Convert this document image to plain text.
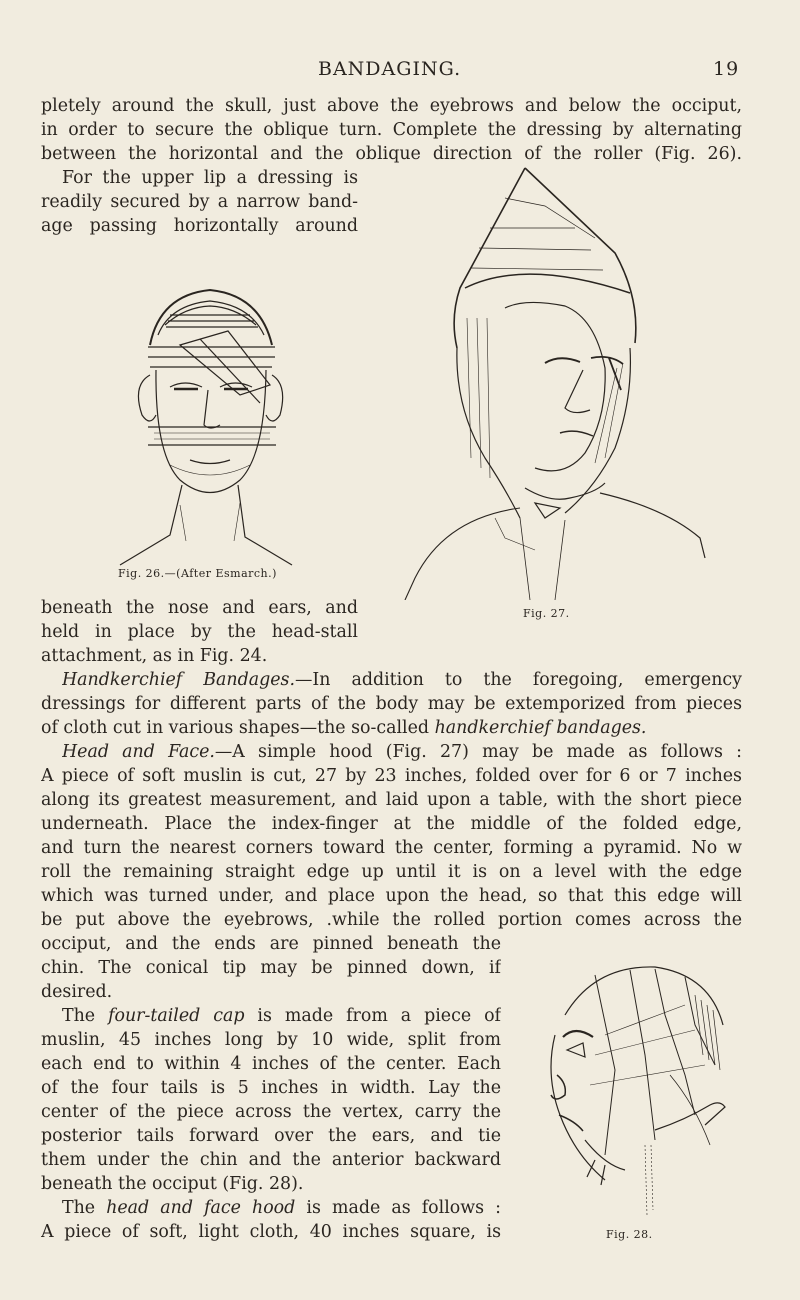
BANDAGING.	19
pletely around the skull, just above the eyebrows and below the occiput,
in order to secure the oblique turn. Complete the dressing by alternating
between the horizontal and the oblique direction of the roller (Fig. 26).
For the upper lip a dressing is
readily secured by a narrow band-
age passing horizontally around
Fig. 26.—(After Esmarch.)
Fig. 27.
beneath the nose and ears, and
held in place by the head-stall
attachment, as in Fig. 24.
Handkerchief Bandages.—In addition to the foregoing, emergency
dressings for different parts of the body may be extemporized from pieces
of cloth cut in various shapes—the so-called handkerchief bandages.
Head and Face.—A simple hood (Fig. 27) may be made as follows :
A piece of soft muslin is cut, 27 by 23 inches, folded over for 6 or 7 inches
along its greatest measurement, and laid upon a table, with the short piece
underneath. Place the index-finger at the middle of the folded edge,
and turn the nearest corners toward the center, forming a pyramid. No w
roll the remaining straight edge up until it is on a level with the edge
which was turned under, and place upon the head, so that this edge will
be put above the eyebrows, .while the rolled portion comes across the
occiput, and the ends are pinned beneath the
chin. The conical tip may be pinned down, if
desired.
The four-tailed cap is made from a piece of
muslin, 45 inches long by 10 wide, split from
each end to within 4 inches of the center. Each
of the four tails is 5 inches in width. Lay the
center of the piece across the vertex, carry the
posterior tails forward over the ears, and tie
them under the chin and the anterior backward
beneath the occiput (Fig. 28).
The head and face hood is made as follows :
A piece of soft, light cloth, 40 inches square, is	Fig. 28.
